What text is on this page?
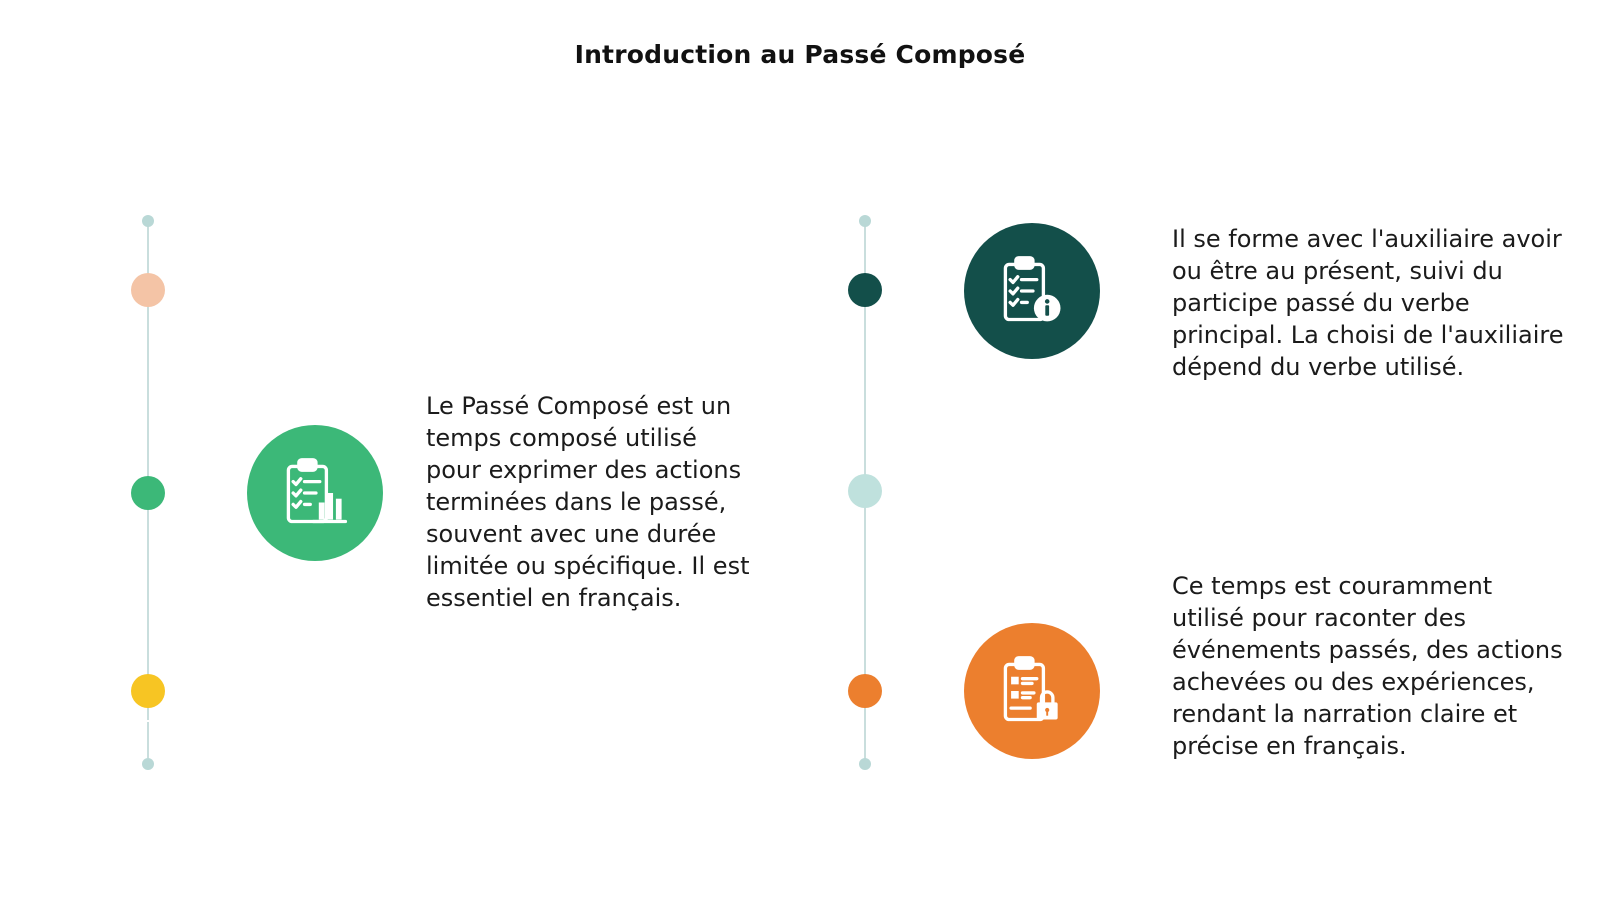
Introduction au Passé Composé
Le Passé Composé est un temps composé utilisé pour exprimer des actions terminées dans le passé, souvent avec une durée limitée ou spécifique. Il est essentiel en français.
Il se forme avec l'auxiliaire avoir ou être au présent, suivi du participe passé du verbe principal. La choisi de l'auxiliaire dépend du verbe utilisé.
Ce temps est couramment utilisé pour raconter des événements passés, des actions achevées ou des expériences, rendant la narration claire et précise en français.
